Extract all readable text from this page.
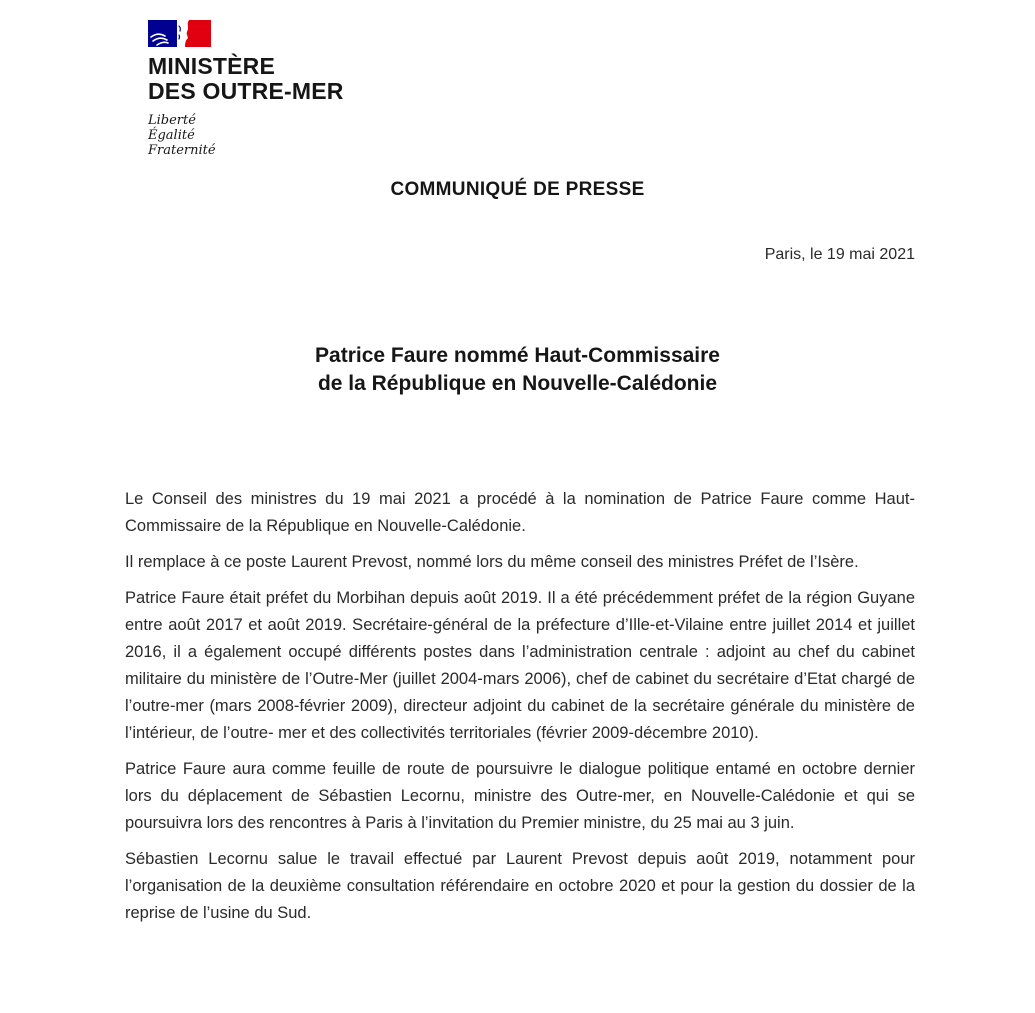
MINISTÈRE
DES OUTRE-MER
Liberté
Égalité
Fraternité
COMMUNIQUÉ DE PRESSE
Paris, le 19 mai 2021
Patrice Faure nommé Haut-Commissaire
de la République en Nouvelle-Calédonie

Le Conseil des ministres du 19 mai 2021 a procédé à la nomination de Patrice Faure comme Haut-Commissaire de la République en Nouvelle-Calédonie.

Il remplace à ce poste Laurent Prevost, nommé lors du même conseil des ministres Préfet de l’Isère.

Patrice Faure était préfet du Morbihan depuis août 2019. Il a été précédemment préfet de la région Guyane entre août 2017 et août 2019. Secrétaire-général de la préfecture d’Ille-et-Vilaine entre juillet 2014 et juillet 2016, il a également occupé différents postes dans l’administration centrale : adjoint au chef du cabinet militaire du ministère de l’Outre-Mer (juillet 2004-mars 2006), chef de cabinet du secrétaire d’Etat chargé de l’outre-mer (mars 2008-février 2009), directeur adjoint du cabinet de la secrétaire générale du ministère de l’intérieur, de l’outre- mer et des collectivités territoriales (février 2009-décembre 2010).

Patrice Faure aura comme feuille de route de poursuivre le dialogue politique entamé en octobre dernier lors du déplacement de Sébastien Lecornu, ministre des Outre-mer, en Nouvelle-Calédonie et qui se poursuivra lors des rencontres à Paris à l’invitation du Premier ministre, du 25 mai au 3 juin.

Sébastien Lecornu salue le travail effectué par Laurent Prevost depuis août 2019, notamment pour l’organisation de la deuxième consultation référendaire en octobre 2020 et pour la gestion du dossier de la reprise de l’usine du Sud.
